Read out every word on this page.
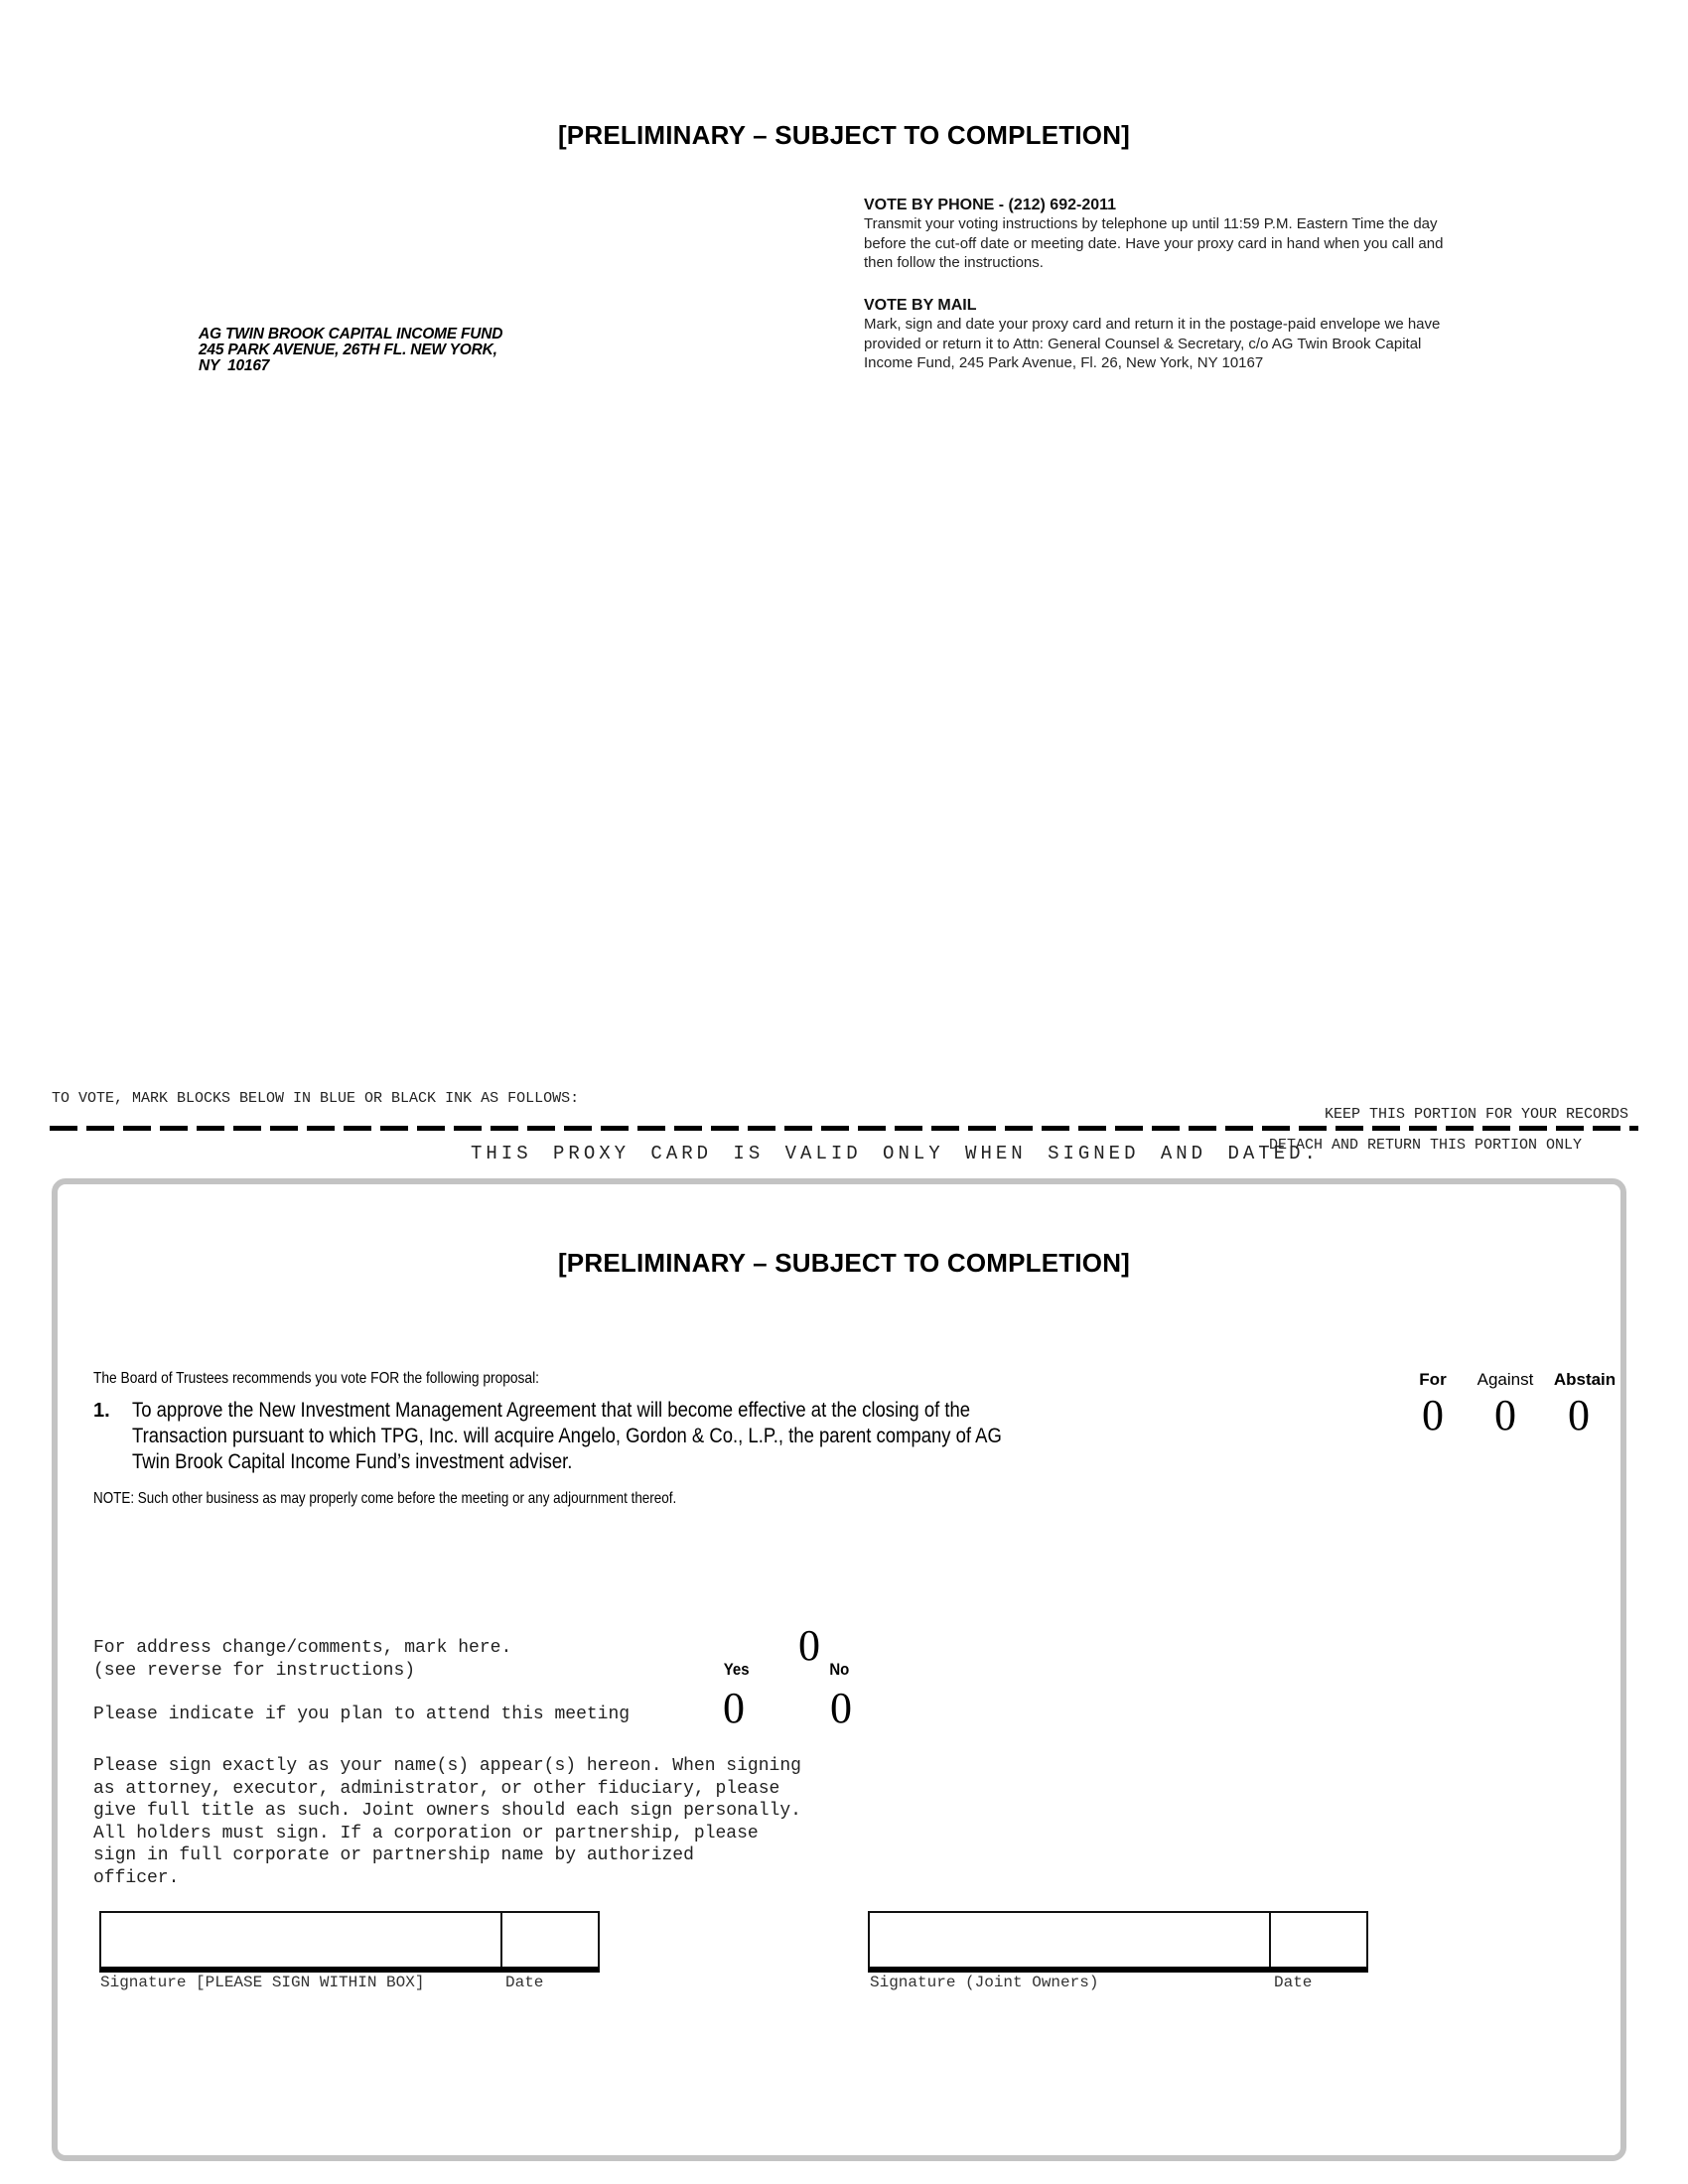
[PRELIMINARY – SUBJECT TO COMPLETION]
VOTE BY PHONE - (212) 692-2011
Transmit your voting instructions by telephone up until 11:59 P.M. Eastern Time the day
before the cut-off date or meeting date. Have your proxy card in hand when you call and
then follow the instructions.
VOTE BY MAIL
Mark, sign and date your proxy card and return it in the postage-paid envelope we have
provided or return it to Attn: General Counsel & Secretary, c/o AG Twin Brook Capital
Income Fund, 245 Park Avenue, Fl. 26, New York, NY 10167
AG TWIN BROOK CAPITAL INCOME FUND
245 PARK AVENUE, 26TH FL. NEW YORK,
NY  10167
TO VOTE, MARK BLOCKS BELOW IN BLUE OR BLACK INK AS FOLLOWS:
KEEP THIS PORTION FOR YOUR RECORDS
DETACH AND RETURN THIS PORTION ONLY
THIS PROXY CARD IS VALID ONLY WHEN SIGNED AND DATED.
[PRELIMINARY – SUBJECT TO COMPLETION]
The Board of Trustees recommends you vote FOR the following proposal:	For	Against	Abstain
0	0	0
1. To approve the New Investment Management Agreement that will become effective at the closing of the
Transaction pursuant to which TPG, Inc. will acquire Angelo, Gordon & Co., L.P., the parent company of AG
Twin Brook Capital Income Fund’s investment adviser.
NOTE: Such other business as may properly come before the meeting or any adjournment thereof.
For address change/comments, mark here.
(see reverse for instructions)
0
Yes	No
Please indicate if you plan to attend this meeting	0	0
Please sign exactly as your name(s) appear(s) hereon. When signing
as attorney, executor, administrator, or other fiduciary, please
give full title as such. Joint owners should each sign personally.
All holders must sign. If a corporation or partnership, please
sign in full corporate or partnership name by authorized
officer.
Signature [PLEASE SIGN WITHIN BOX]	Date	Signature (Joint Owners)	Date
